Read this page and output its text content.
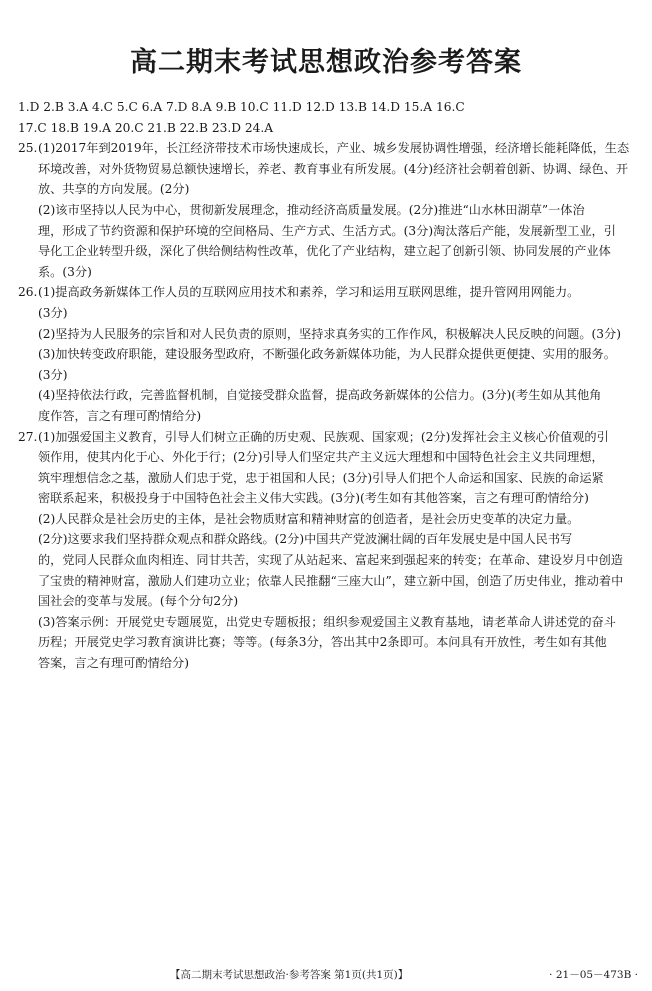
高二期末考试思想政治参考答案
1.D 2.B 3.A 4.C 5.C 6.A 7.D 8.A 9.B 10.C 11.D 12.D 13.B 14.D 15.A 16.C
17.C 18.B 19.A 20.C 21.B 22.B 23.D 24.A
25.(1)2017年到2019年，长江经济带技术市场快速成长，产业、城乡发展协调性增强，经济增长能耗降低，生态
环境改善，对外货物贸易总额快速增长，养老、教育事业有所发展。(4分)经济社会朝着创新、协调、绿色、开
放、共享的方向发展。(2分)
(2)该市坚持以人民为中心，贯彻新发展理念，推动经济高质量发展。(2分)推进“山水林田湖草”一体治
理，形成了节约资源和保护环境的空间格局、生产方式、生活方式。(3分)淘汰落后产能，发展新型工业，引
导化工企业转型升级，深化了供给侧结构性改革，优化了产业结构，建立起了创新引领、协同发展的产业体
系。(3分)
26.(1)提高政务新媒体工作人员的互联网应用技术和素养，学习和运用互联网思维，提升管网用网能力。
(3分)
(2)坚持为人民服务的宗旨和对人民负责的原则，坚持求真务实的工作作风，积极解决人民反映的问题。(3分)
(3)加快转变政府职能，建设服务型政府，不断强化政务新媒体功能，为人民群众提供更便捷、实用的服务。
(3分)
(4)坚持依法行政，完善监督机制，自觉接受群众监督，提高政务新媒体的公信力。(3分)(考生如从其他角
度作答，言之有理可酌情给分)
27.(1)加强爱国主义教育，引导人们树立正确的历史观、民族观、国家观；(2分)发挥社会主义核心价值观的引
领作用，使其内化于心、外化于行；(2分)引导人们坚定共产主义远大理想和中国特色社会主义共同理想，
筑牢理想信念之基，激励人们忠于党，忠于祖国和人民；(3分)引导人们把个人命运和国家、民族的命运紧
密联系起来，积极投身于中国特色社会主义伟大实践。(3分)(考生如有其他答案，言之有理可酌情给分)
(2)人民群众是社会历史的主体，是社会物质财富和精神财富的创造者，是社会历史变革的决定力量。
(2分)这要求我们坚持群众观点和群众路线。(2分)中国共产党波澜壮阔的百年发展史是中国人民书写
的，党同人民群众血肉相连、同甘共苦，实现了从站起来、富起来到强起来的转变；在革命、建设岁月中创造
了宝贵的精神财富，激励人们建功立业；依靠人民推翻“三座大山”，建立新中国，创造了历史伟业，推动着中
国社会的变革与发展。(每个分句2分)
(3)答案示例：开展党史专题展览，出党史专题板报；组织参观爱国主义教育基地，请老革命人讲述党的奋斗
历程；开展党史学习教育演讲比赛；等等。(每条3分，答出其中2条即可。本问具有开放性，考生如有其他
答案，言之有理可酌情给分)
【高二期末考试思想政治·参考答案 第1页(共1页)】	· 21－05－473B ·
